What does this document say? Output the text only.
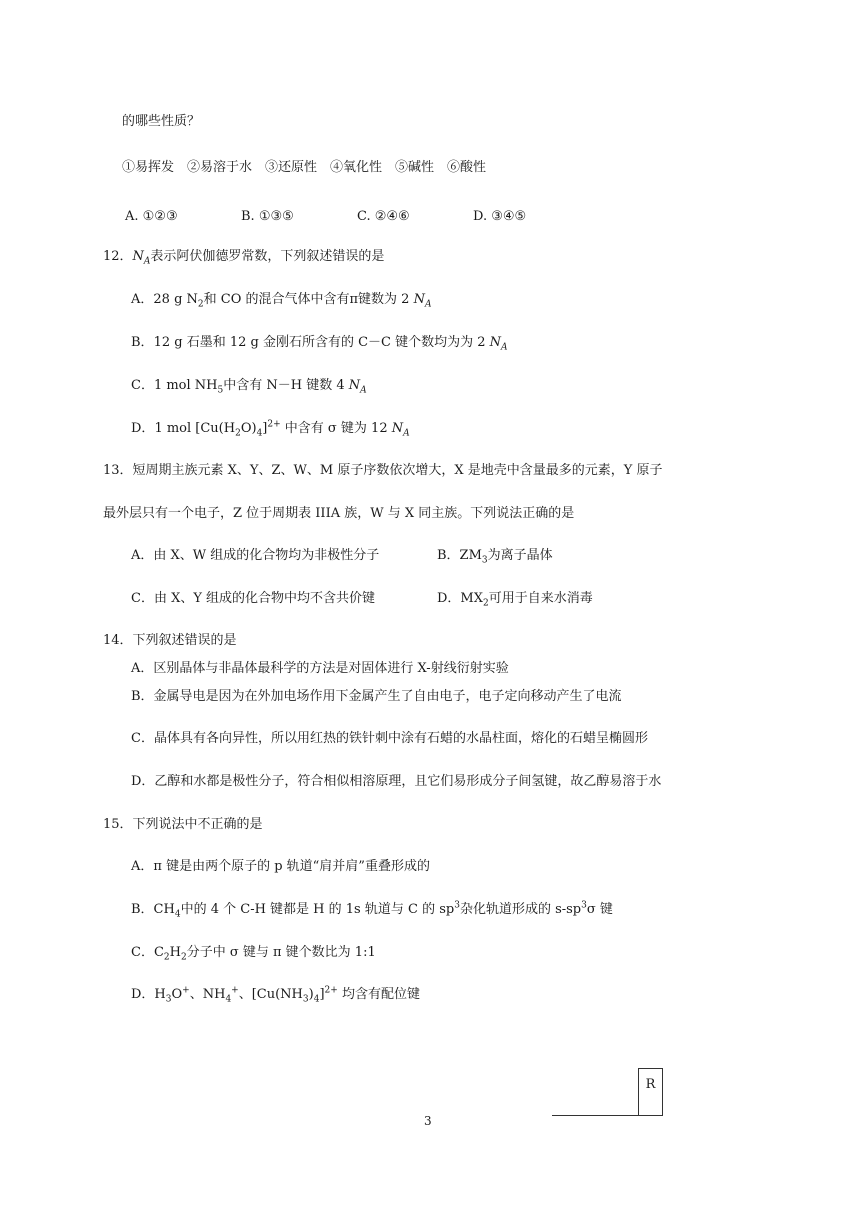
的哪些性质？
①易挥发　②易溶于水　③还原性　④氧化性　⑤碱性　⑥酸性
A. ①②③	B. ①③⑤	C. ②④⑥	D. ③④⑤
12．$N_A$表示阿伏伽德罗常数，下列叙述错误的是
A．28 g $N_2$和 CO 的混合气体中含有π键数为 2 $N_A$
B．12 g 石墨和 12 g 金刚石所含有的 C－C 键个数均为为 2 $N_A$
C．1 mol $NH_5$中含有 N－H 键数 4 $N_A$
D．1 mol $[Cu(H_2O)_4]^{2+}$ 中含有 σ 键为 12 $N_A$
13．短周期主族元素 X、Y、Z、W、M 原子序数依次增大，X 是地壳中含量最多的元素，Y 原子
最外层只有一个电子，Z 位于周期表 IIIA 族，W 与 X 同主族。下列说法正确的是
A．由 X、W 组成的化合物均为非极性分子	B．$ZM_3$为离子晶体
C．由 X、Y 组成的化合物中均不含共价键	D．$MX_2$可用于自来水消毒
14．下列叙述错误的是
A．区别晶体与非晶体最科学的方法是对固体进行 X-射线衍射实验
B．金属导电是因为在外加电场作用下金属产生了自由电子，电子定向移动产生了电流
C．晶体具有各向异性，所以用红热的铁针刺中涂有石蜡的水晶柱面，熔化的石蜡呈椭圆形
D．乙醇和水都是极性分子，符合相似相溶原理，且它们易形成分子间氢键，故乙醇易溶于水
15．下列说法中不正确的是
A．π 键是由两个原子的 p 轨道“肩并肩”重叠形成的
B．$CH_4$中的 4 个 C-H 键都是 H 的 1s 轨道与 C 的 $sp^3$杂化轨道形成的 $s-sp^3\sigma$ 键
C．$C_2H_2$分子中 σ 键与 π 键个数比为 1:1
D．$H_3O^+$、$NH_4^+$、$[Cu(NH_3)_4]^{2+}$ 均含有配位键
R
3
